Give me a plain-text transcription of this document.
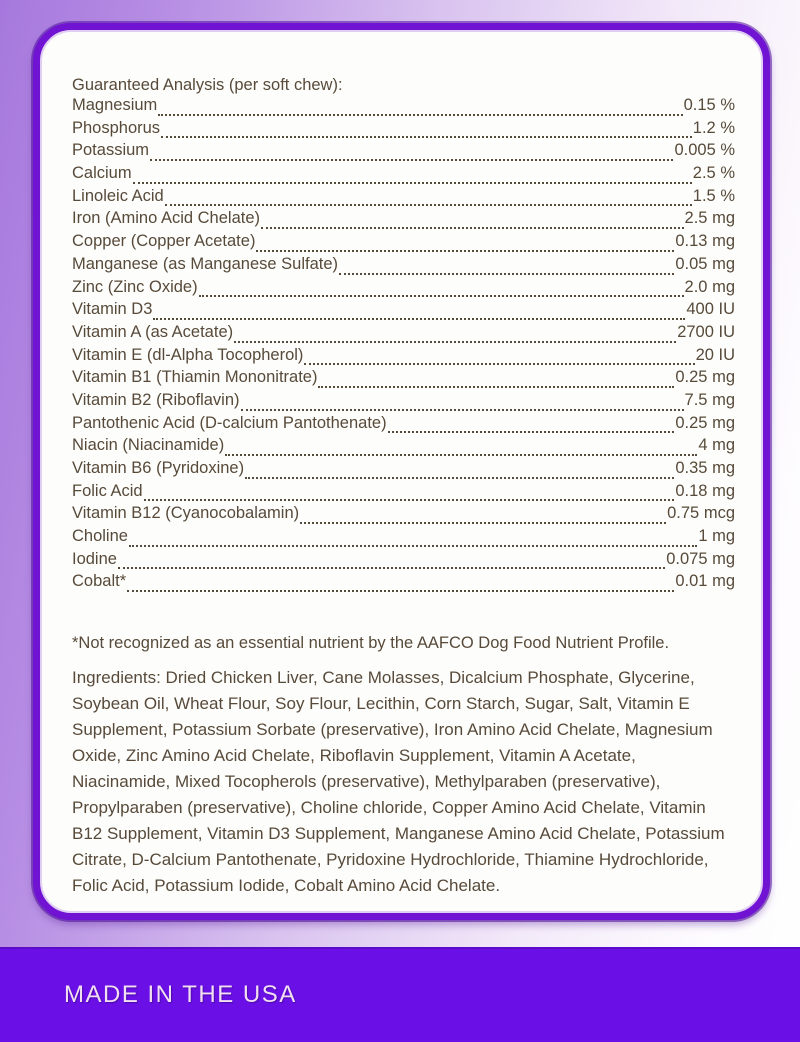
Guaranteed Analysis (per soft chew):
Magnesium	0.15 %
Phosphorus	1.2 %
Potassium	0.005 %
Calcium	2.5 %
Linoleic Acid	1.5 %
Iron (Amino Acid Chelate)	2.5 mg
Copper (Copper Acetate)	0.13 mg
Manganese (as Manganese Sulfate)	0.05 mg
Zinc (Zinc Oxide)	2.0 mg
Vitamin D3	400 IU
Vitamin A (as Acetate)	2700 IU
Vitamin E (dl-Alpha Tocopherol)	20 IU
Vitamin B1 (Thiamin Mononitrate)	0.25 mg
Vitamin B2 (Riboflavin)	7.5 mg
Pantothenic Acid (D-calcium Pantothenate)	0.25 mg
Niacin (Niacinamide)	4 mg
Vitamin B6 (Pyridoxine)	0.35 mg
Folic Acid	0.18 mg
Vitamin B12 (Cyanocobalamin)	0.75 mcg
Choline	1 mg
Iodine	0.075 mg
Cobalt*	0.01 mg
*Not recognized as an essential nutrient by the AAFCO Dog Food Nutrient Profile.
Ingredients: Dried Chicken Liver, Cane Molasses, Dicalcium Phosphate, Glycerine, Soybean Oil, Wheat Flour, Soy Flour, Lecithin, Corn Starch, Sugar, Salt, Vitamin E Supplement, Potassium Sorbate (preservative), Iron Amino Acid Chelate, Magnesium Oxide, Zinc Amino Acid Chelate, Riboflavin Supplement, Vitamin A Acetate, Niacinamide, Mixed Tocopherols (preservative), Methylparaben (preservative), Propylparaben (preservative), Choline chloride, Copper Amino Acid Chelate, Vitamin B12 Supplement, Vitamin D3 Supplement, Manganese Amino Acid Chelate, Potassium Citrate, D-Calcium Pantothenate, Pyridoxine Hydrochloride, Thiamine Hydrochloride, Folic Acid, Potassium Iodide, Cobalt Amino Acid Chelate.
MADE IN THE USA
